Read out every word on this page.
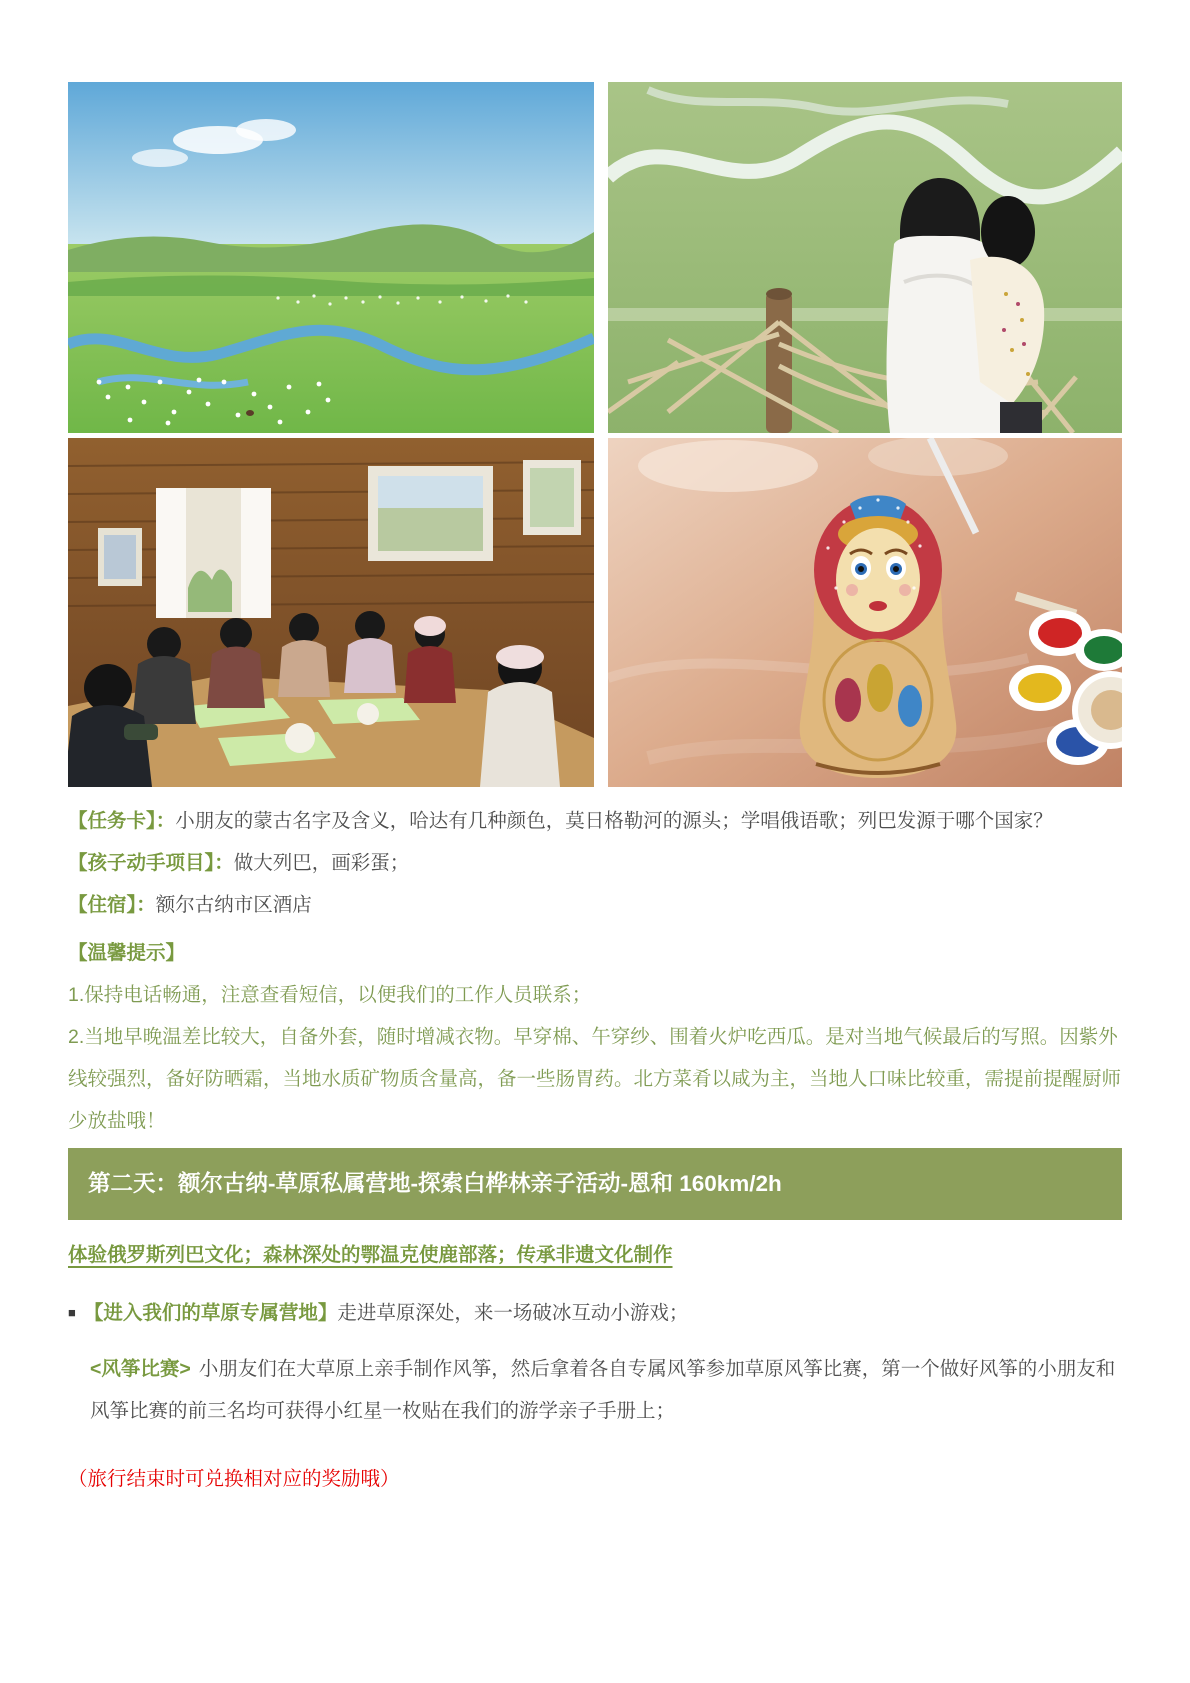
【任务卡】：小朋友的蒙古名字及含义，哈达有几种颜色，莫日格勒河的源头；学唱俄语歌；列巴发源于哪个国家？

【孩子动手项目】：做大列巴，画彩蛋；

【住宿】：额尔古纳市区酒店

【温馨提示】

1.保持电话畅通，注意查看短信，以便我们的工作人员联系；

2.当地早晚温差比较大，自备外套，随时增减衣物。早穿棉、午穿纱、围着火炉吃西瓜。是对当地气候最后的写照。因紫外线较强烈，备好防晒霜，当地水质矿物质含量高，备一些肠胃药。北方菜肴以咸为主，当地人口味比较重，需提前提醒厨师少放盐哦！

第二天：额尔古纳-草原私属营地-探索白桦林亲子活动-恩和 160km/2h

体验俄罗斯列巴文化；森林深处的鄂温克使鹿部落；传承非遗文化制作

■ 【进入我们的草原专属营地】走进草原深处，来一场破冰互动小游戏；

<风筝比赛> 小朋友们在大草原上亲手制作风筝，然后拿着各自专属风筝参加草原风筝比赛，第一个做好风筝的小朋友和风筝比赛的前三名均可获得小红星一枚贴在我们的游学亲子手册上；

（旅行结束时可兑换相对应的奖励哦）
